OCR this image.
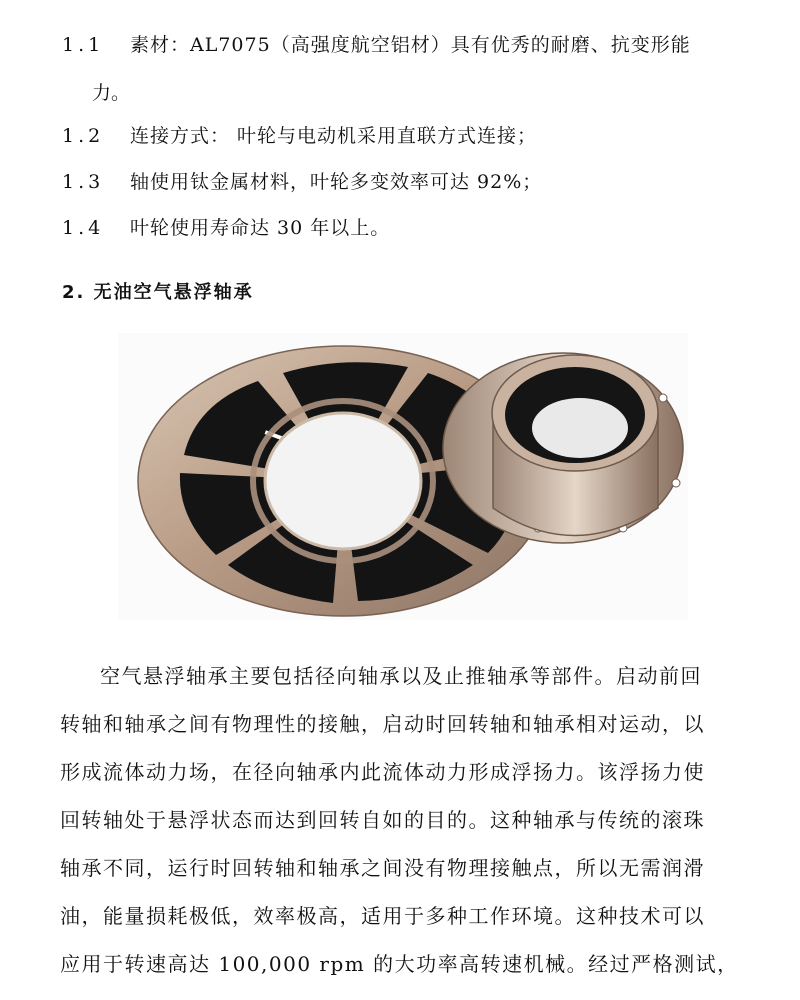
1.1 素材：AL7075（高强度航空铝材）具有优秀的耐磨、抗变形能
力。
1.2 连接方式： 叶轮与电动机采用直联方式连接；
1.3 轴使用钛金属材料，叶轮多变效率可达 92%；
1.4 叶轮使用寿命达 30 年以上。
2. 无油空气悬浮轴承
空气悬浮轴承主要包括径向轴承以及止推轴承等部件。启动前回
转轴和轴承之间有物理性的接触，启动时回转轴和轴承相对运动，以
形成流体动力场，在径向轴承内此流体动力形成浮扬力。该浮扬力使
回转轴处于悬浮状态而达到回转自如的目的。这种轴承与传统的滚珠
轴承不同，运行时回转轴和轴承之间没有物理接触点，所以无需润滑
油，能量损耗极低，效率极高，适用于多种工作环境。这种技术可以
应用于转速高达 100,000 rpm 的大功率高转速机械。经过严格测试，
